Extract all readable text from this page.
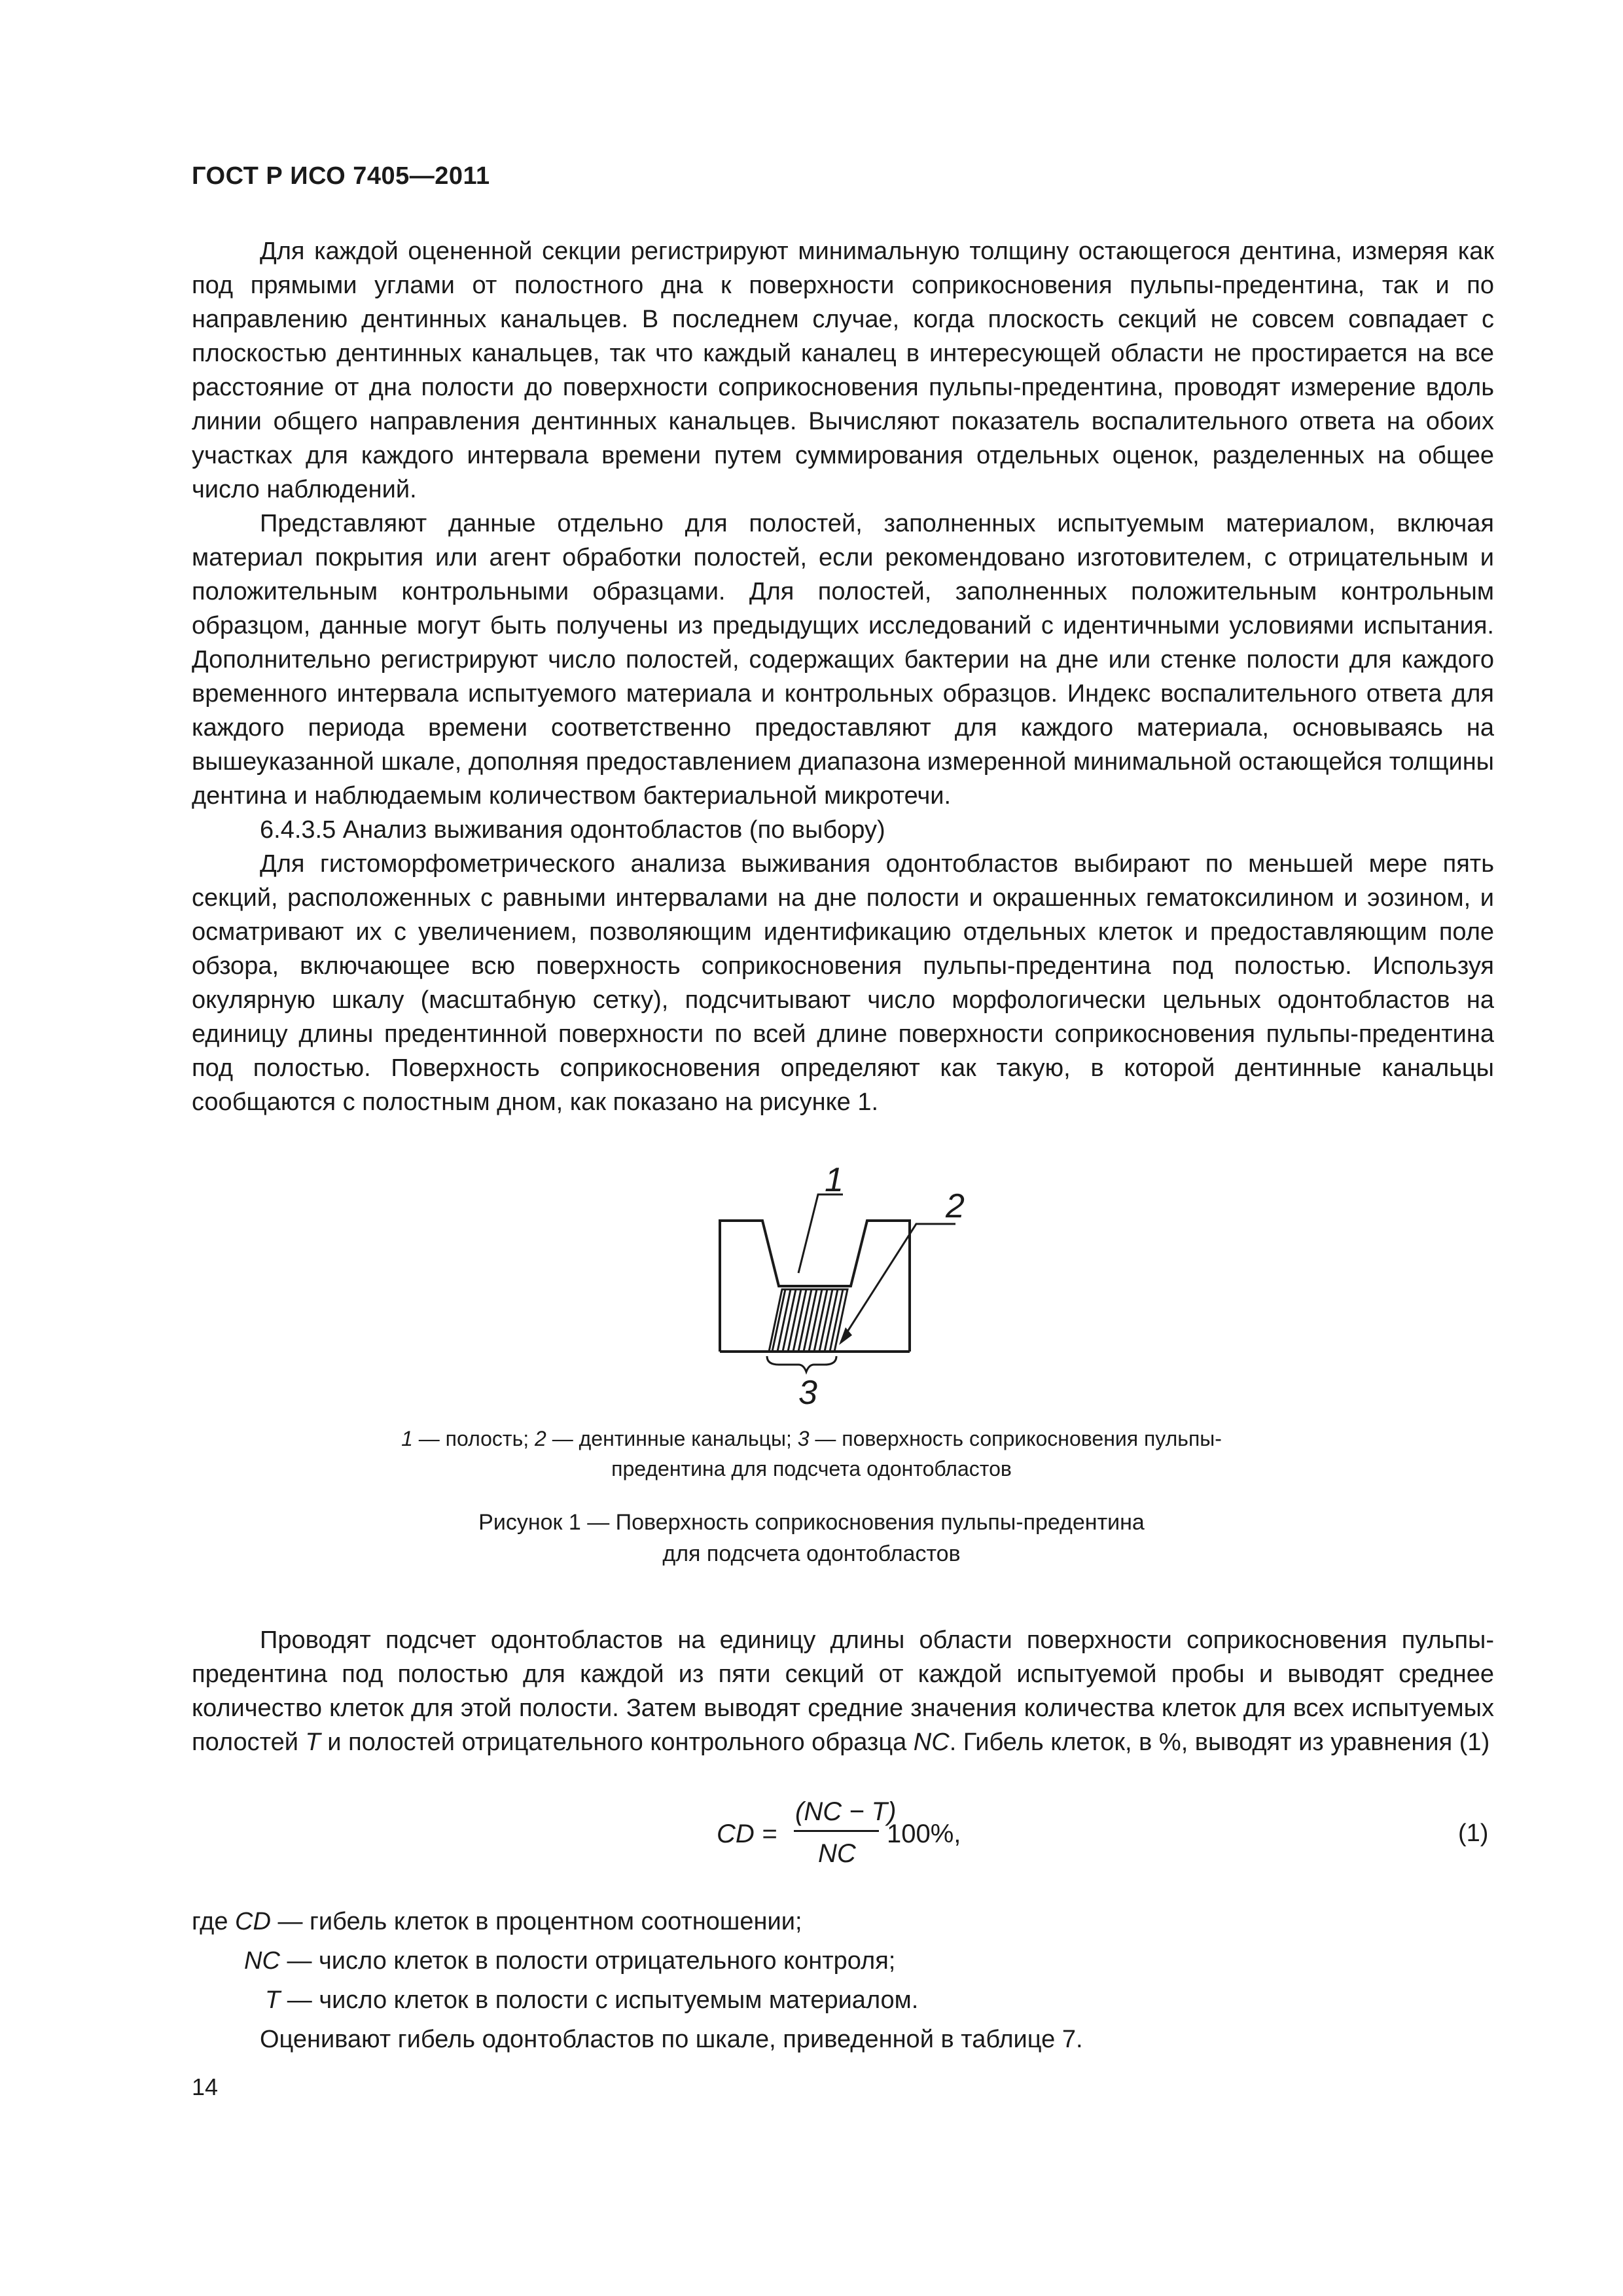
ГОСТ Р ИСО 7405—2011

Для каждой оцененной секции регистрируют минимальную толщину остающегося дентина, измеряя как под прямыми углами от полостного дна к поверхности соприкосновения пульпы-предентина, так и по направлению дентинных канальцев. В последнем случае, когда плоскость секций не совсем совпадает с плоскостью дентинных канальцев, так что каждый каналец в интересующей области не простирается на все расстояние от дна полости до поверхности соприкосновения пульпы-предентина, проводят измерение вдоль линии общего направления дентинных канальцев. Вычисляют показатель воспалительного ответа на обоих участках для каждого интервала времени путем суммирования отдельных оценок, разделенных на общее число наблюдений.

Представляют данные отдельно для полостей, заполненных испытуемым материалом, включая материал покрытия или агент обработки полостей, если рекомендовано изготовителем, с отрицательным и положительным контрольными образцами. Для полостей, заполненных положительным контрольным образцом, данные могут быть получены из предыдущих исследований с идентичными условиями испытания. Дополнительно регистрируют число полостей, содержащих бактерии на дне или стенке полости для каждого временного интервала испытуемого материала и контрольных образцов. Индекс воспалительного ответа для каждого периода времени соответственно предоставляют для каждого материала, основываясь на вышеуказанной шкале, дополняя предоставлением диапазона измеренной минимальной остающейся толщины дентина и наблюдаемым количеством бактериальной микротечи.

6.4.3.5 Анализ выживания одонтобластов (по выбору)

Для гистоморфометрического анализа выживания одонтобластов выбирают по меньшей мере пять секций, расположенных с равными интервалами на дне полости и окрашенных гематоксилином и эозином, и осматривают их с увеличением, позволяющим идентификацию отдельных клеток и предоставляющим поле обзора, включающее всю поверхность соприкосновения пульпы-предентина под полостью. Используя окулярную шкалу (масштабную сетку), подсчитывают число морфологически цельных одонтобластов на единицу длины предентинной поверхности по всей длине поверхности соприкосновения пульпы-предентина под полостью. Поверхность соприкосновения определяют как такую, в которой дентинные канальцы сообщаются с полостным дном, как показано на рисунке 1.

1
2
3
1 — полость; 2 — дентинные канальцы; 3 — поверхность соприкосновения пульпы-предентина для подсчета одонтобластов
Рисунок 1 — Поверхность соприкосновения пульпы-предентина
для подсчета одонтобластов

Проводят подсчет одонтобластов на единицу длины области поверхности соприкосновения пульпы-предентина под полостью для каждой из пяти секций от каждой испытуемой пробы и выводят среднее количество клеток для этой полости. Затем выводят средние значения количества клеток для всех испытуемых полостей T и полостей отрицательного контрольного образца NC. Гибель клеток, в %, выводят из уравнения (1)

CD =
(NC − T)
NC
100%,	(1)
где CD — гибель клеток в процентном соотношении;
NC — число клеток в полости отрицательного контроля;
T — число клеток в полости с испытуемым материалом.
Оценивают гибель одонтобластов по шкале, приведенной в таблице 7.
14
